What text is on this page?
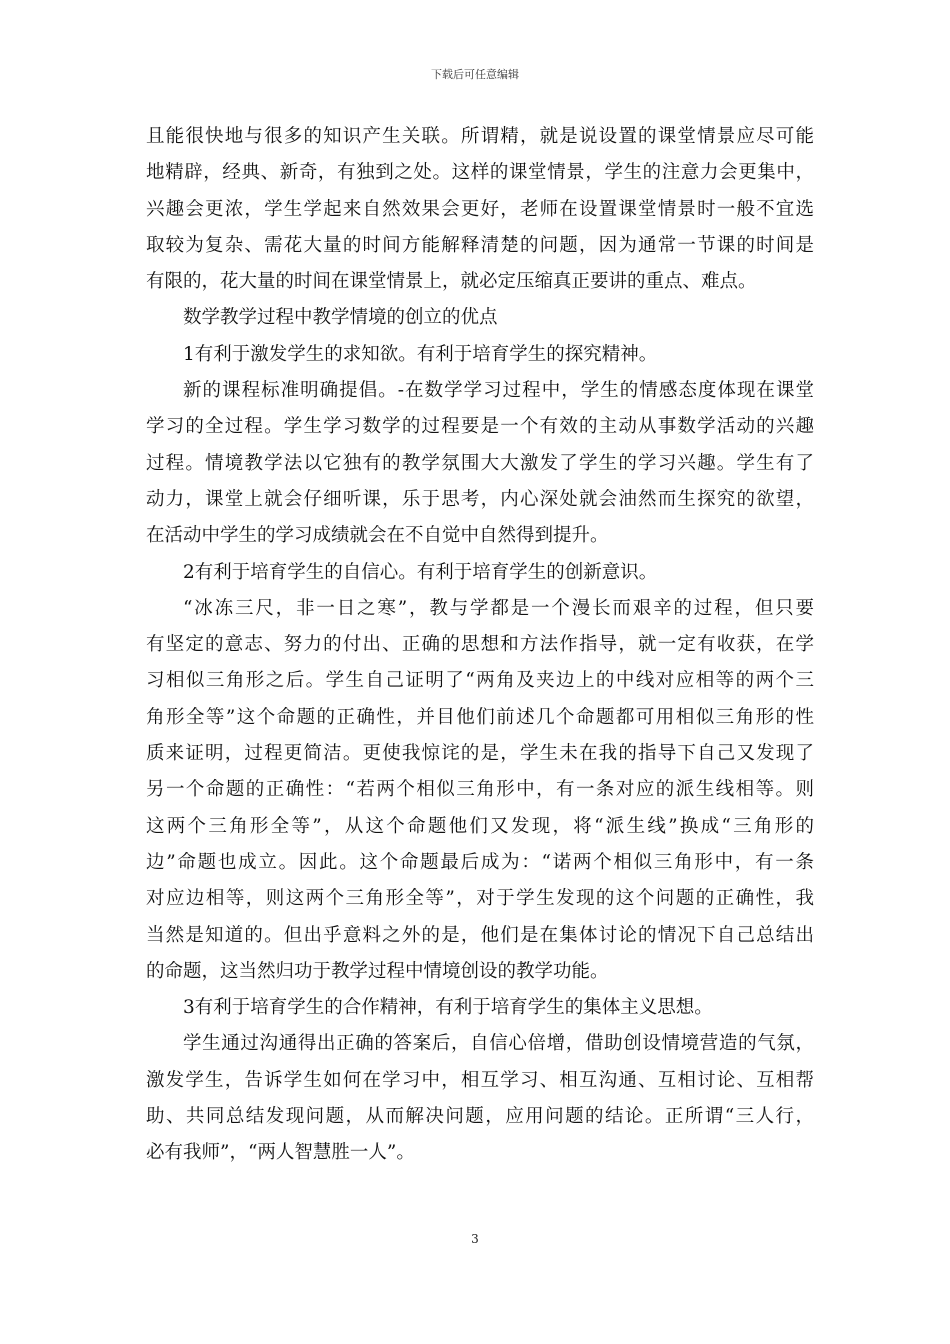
下载后可任意编辑
且能很快地与很多的知识产生关联。所谓精，就是说设置的课堂情景应尽可能
地精辟，经典、新奇，有独到之处。这样的课堂情景，学生的注意力会更集中，
兴趣会更浓，学生学起来自然效果会更好，老师在设置课堂情景时一般不宜选
取较为复杂、需花大量的时间方能解释清楚的问题，因为通常一节课的时间是
有限的，花大量的时间在课堂情景上，就必定压缩真正要讲的重点、难点。
数学教学过程中教学情境的创立的优点
1有利于激发学生的求知欲。有利于培育学生的探究精神。
新的课程标准明确提倡。-在数学学习过程中，学生的情感态度体现在课堂
学习的全过程。学生学习数学的过程要是一个有效的主动从事数学活动的兴趣
过程。情境教学法以它独有的教学氛围大大激发了学生的学习兴趣。学生有了
动力，课堂上就会仔细听课，乐于思考，内心深处就会油然而生探究的欲望，
在活动中学生的学习成绩就会在不自觉中自然得到提升。
2有利于培育学生的自信心。有利于培育学生的创新意识。
“冰冻三尺，非一日之寒”，教与学都是一个漫长而艰辛的过程，但只要
有坚定的意志、努力的付出、正确的思想和方法作指导，就一定有收获，在学
习相似三角形之后。学生自己证明了“两角及夹边上的中线对应相等的两个三
角形全等”这个命题的正确性，并目他们前述几个命题都可用相似三角形的性
质来证明，过程更简洁。更使我惊诧的是，学生未在我的指导下自己又发现了
另一个命题的正确性：“若两个相似三角形中，有一条对应的派生线相等。则
这两个三角形全等”，从这个命题他们又发现，将“派生线”换成“三角形的
边”命题也成立。因此。这个命题最后成为：“诺两个相似三角形中，有一条
对应边相等，则这两个三角形全等”，对于学生发现的这个问题的正确性，我
当然是知道的。但出乎意料之外的是，他们是在集体讨论的情况下自己总结出
的命题，这当然归功于教学过程中情境创设的教学功能。
3有利于培育学生的合作精神，有利于培育学生的集体主义思想。
学生通过沟通得出正确的答案后，自信心倍增，借助创设情境营造的气氛，
激发学生，告诉学生如何在学习中，相互学习、相互沟通、互相讨论、互相帮
助、共同总结发现问题，从而解决问题，应用问题的结论。正所谓“三人行，
必有我师”，“两人智慧胜一人”。
3
